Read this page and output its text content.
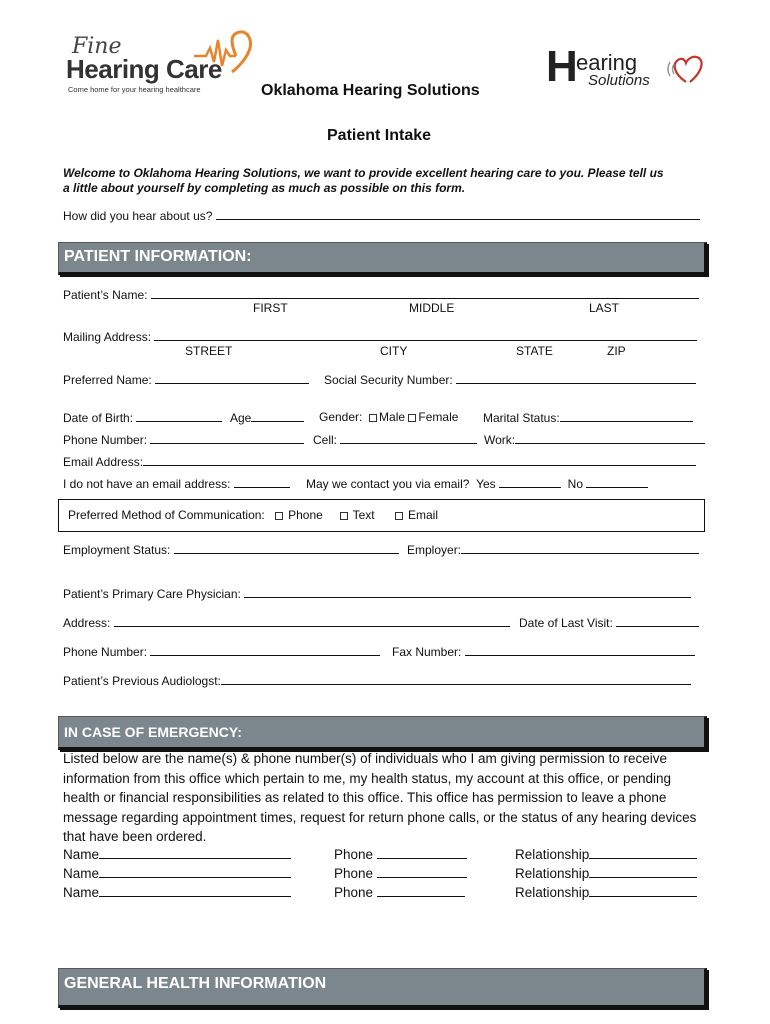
Fine
Hearing Care
Come home for your hearing healthcare	H
earing
Solutions
Oklahoma Hearing Solutions
Patient Intake
Welcome to Oklahoma Hearing Solutions, we want to provide excellent hearing care to you. Please tell us
a little about yourself by completing as much as possible on this form.
How did you hear about us?
PATIENT INFORMATION:
Patient’s Name:
FIRST	MIDDLE	LAST
Mailing Address:
STREET	CITY	STATE	ZIP
Preferred Name:	Social Security Number:
Date of Birth:	Age	Gender: Male Female Marital Status:
Phone Number:	Cell:	Work:
Email Address:
I do not have an email address:	May we contact you via email? Yes	No
Preferred Method of Communication: Phone Text	Email
Employment Status:	Employer:
Patient’s Primary Care Physician:
Address:	Date of Last Visit:
Phone Number:	Fax Number:
Patient’s Previous Audiologst:
IN CASE OF EMERGENCY:
Listed below are the name(s) & phone number(s) of individuals who I am giving permission to receive information from this office which pertain to me, my health status, my account at this office, or pending health or financial responsibilities as related to this office. This office has permission to leave a phone message regarding appointment times, request for return phone calls, or the status of any hearing devices that have been ordered.
Name	Phone	Relationship
Name	Phone	Relationship
Name	Phone	Relationship
GENERAL HEALTH INFORMATION
